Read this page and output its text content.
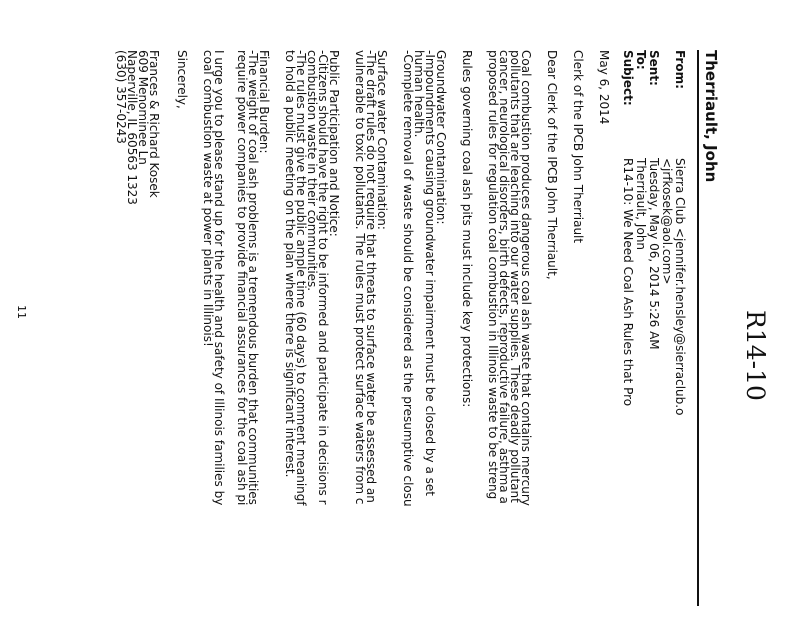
R14-10
Therriault, John
From:
Sierra Club <jennifer.hensley@sierraclub.o
<jrfkosek@aol.com>
Sent:
Tuesday, May 06, 2014 5:26 AM
To:
Therriault, John
Subject:
R14-10: We Need Coal Ash Rules that Pro
May 6, 2014
Clerk of the IPCB John Therriault
Dear Clerk of the IPCB John Therriault,
Coal combustion produces dangerous coal ash waste that contains mercury
pollutants that are leaching into our water supplies. These deadly pollutant
cancer, neurological disorders, birth defects, reproductive failure, asthma a
proposed rules for regulation coal combustion in Illinois waste to be streng
Rules governing coal ash pits must include key protections:
Groundwater Contamination:
-Impoundments causing groundwater impairment must be closed by a set
human health.
-Complete removal of waste should be considered as the presumptive closu
Surface water Contamination:
-The draft rules do not require that threats to surface water be assessed an
vulnerable to toxic pollutants. The rules must protect surface waters from c
Public Participation and Notice:
-Citizens should have the right to be informed and participate in decisions r
combustion waste in their communities.
-The rules must give the public ample time (60 days) to comment meaningf
to hold a public meeting on the plan where there is significant interest.
Financial Burden:
-The weight of coal ash problems is a tremendous burden that communities
require power companies to provide financial assurances for the coal ash pi
I urge you to please stand up for the health and safety of Illinois families by
coal combustion waste at power plants in Illinois!
Sincerely,
Frances & Richard Kosek
609 Menominee Ln
Naperville, IL 60563 1323
(630) 357-0243
11
